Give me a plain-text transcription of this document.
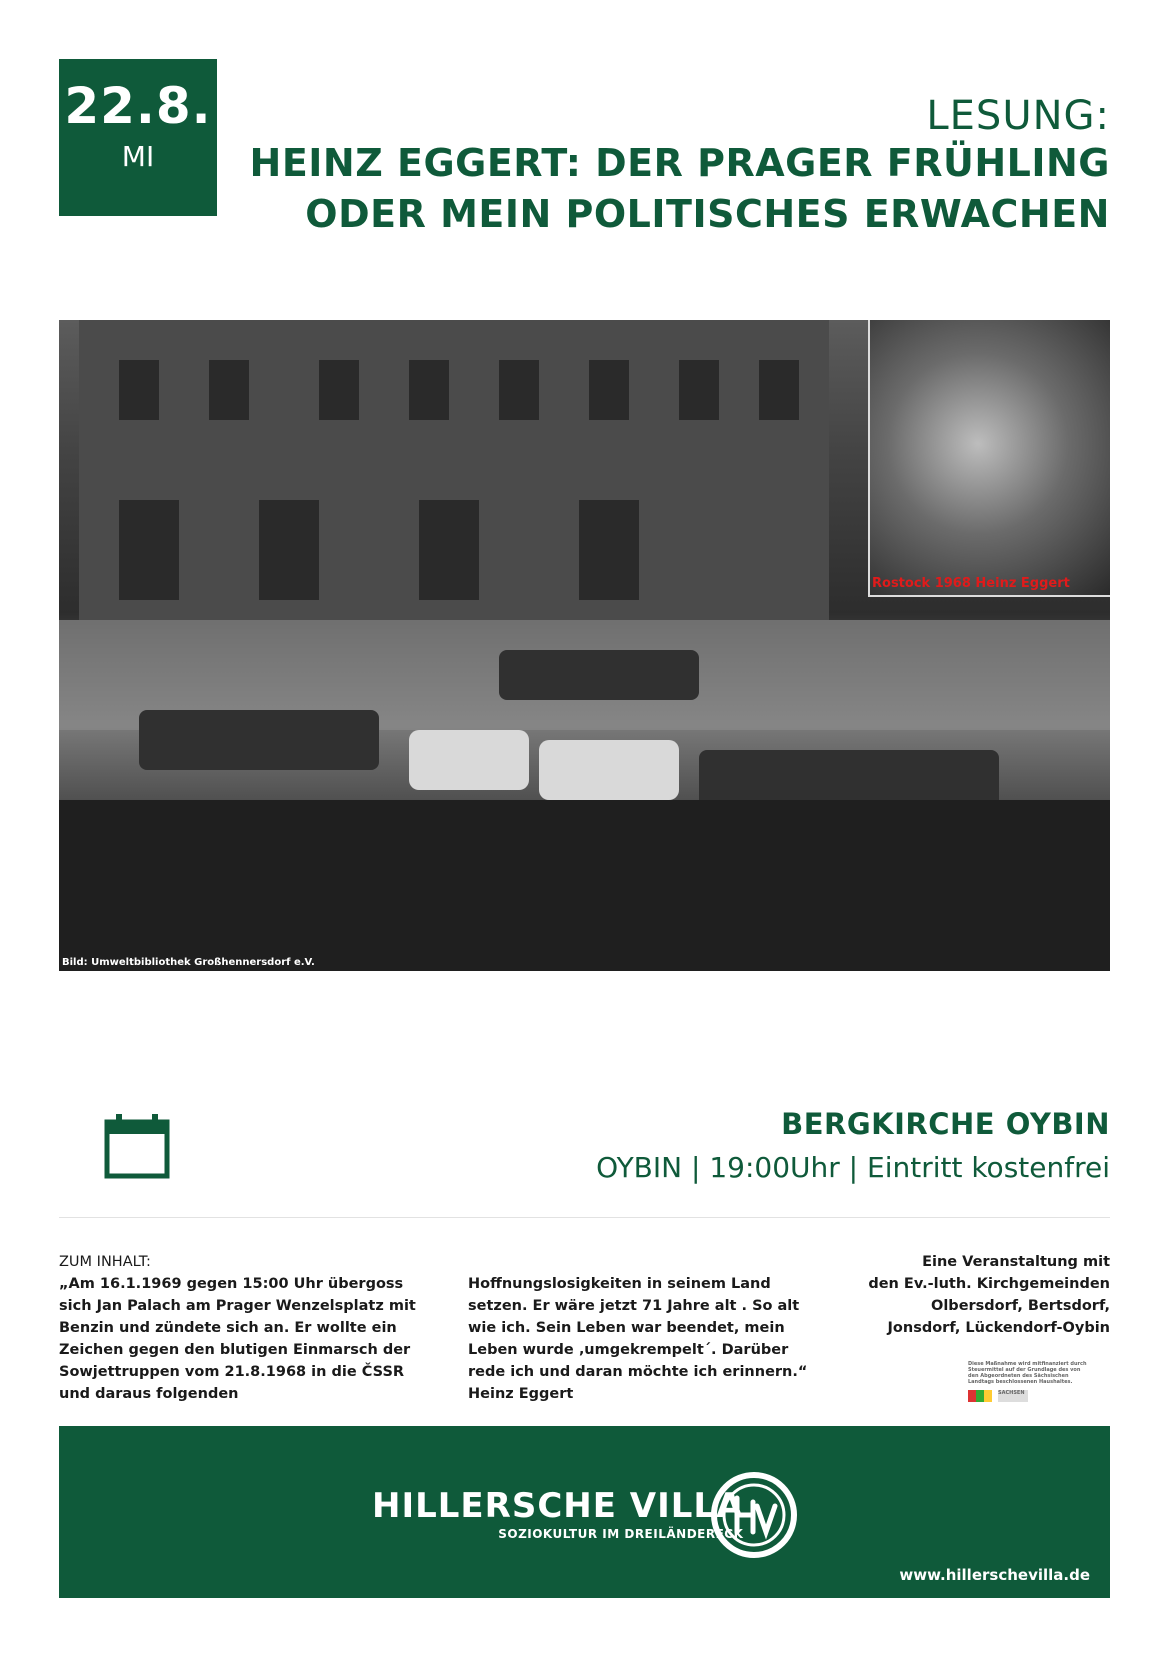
22.8.
MI
LESUNG:
HEINZ EGGERT: DER PRAGER FRÜHLING
ODER MEIN POLITISCHES ERWACHEN
Rostock 1968 Heinz Eggert
Bild: Umweltbibliothek Großhennersdorf e.V.
BERGKIRCHE OYBIN
OYBIN | 19:00Uhr | Eintritt kostenfrei
ZUM INHALT:
„Am 16.1.1969 gegen 15:00 Uhr übergoss sich Jan Palach am Prager Wenzelsplatz mit Benzin und zündete sich an. Er wollte ein Zeichen gegen den blutigen Einmarsch der Sowjettruppen vom 21.8.1968 in die ČSSR und daraus folgenden
Hoffnungslosigkeiten in seinem Land setzen. Er wäre jetzt 71 Jahre alt . So alt wie ich. Sein Leben war beendet, mein Leben wurde ‚umgekrempelt´. Darüber rede ich und daran möchte ich erinnern.“ Heinz Eggert
Eine Veranstaltung mit
den Ev.-luth. Kirchgemeinden
Olbersdorf, Bertsdorf,
Jonsdorf, Lückendorf-Oybin
Diese Maßnahme wird mitfinanziert durch Steuermittel auf der Grundlage des von den Abgeordneten des Sächsischen Landtags beschlossenen Haushaltes.
SACHSEN
HILLERSCHE VILLA
SOZIOKULTUR IM DREILÄNDERECK
www.hillerschevilla.de
